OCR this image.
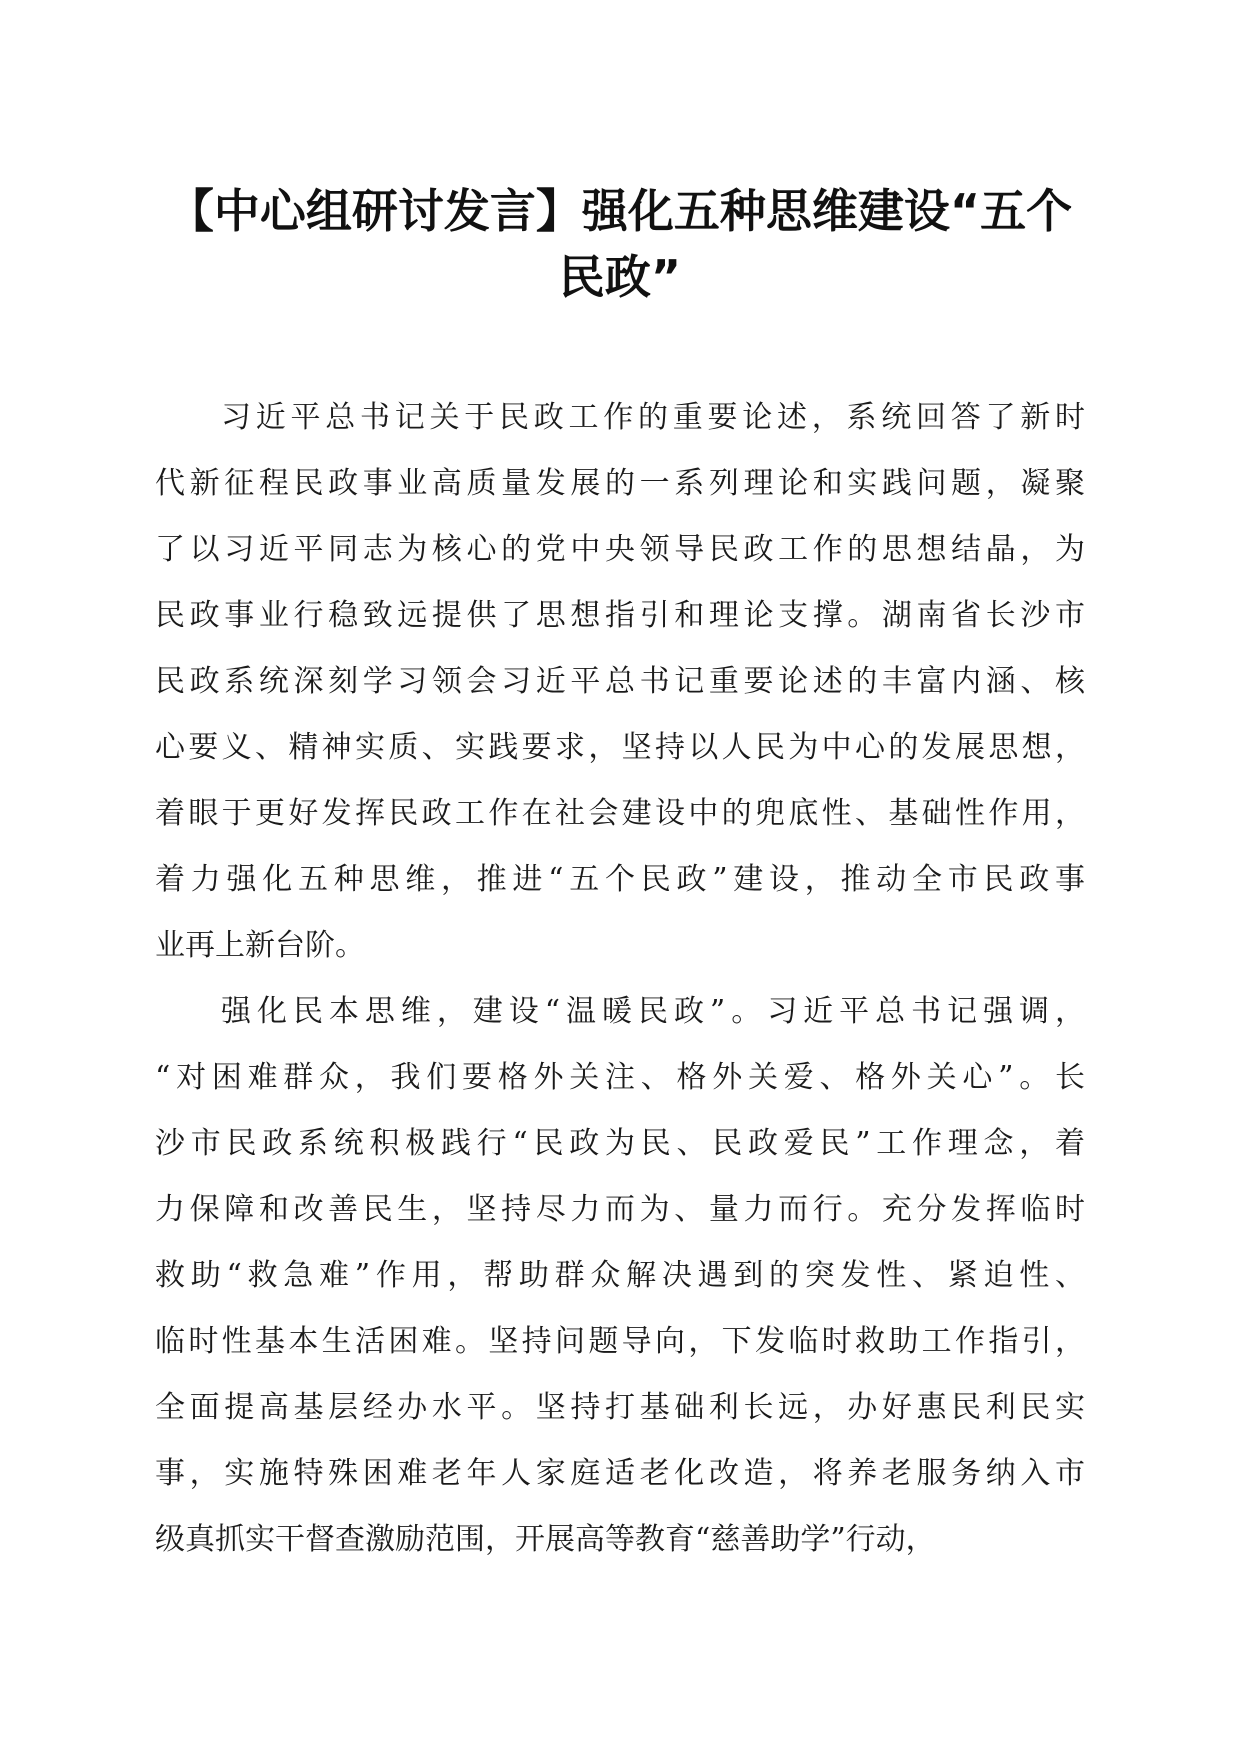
【中心组研讨发言】强化五种思维建设“五个
民政”
习近平总书记关于民政工作的重要论述，系统回答了新时
代新征程民政事业高质量发展的一系列理论和实践问题，凝聚
了以习近平同志为核心的党中央领导民政工作的思想结晶，为
民政事业行稳致远提供了思想指引和理论支撑。湖南省长沙市
民政系统深刻学习领会习近平总书记重要论述的丰富内涵、核
心要义、精神实质、实践要求，坚持以人民为中心的发展思想，
着眼于更好发挥民政工作在社会建设中的兜底性、基础性作用，
着力强化五种思维，推进“五个民政”建设，推动全市民政事
业再上新台阶。
强化民本思维，建设“温暖民政”。习近平总书记强调，
“对困难群众，我们要格外关注、格外关爱、格外关心”。长
沙市民政系统积极践行“民政为民、民政爱民”工作理念，着
力保障和改善民生，坚持尽力而为、量力而行。充分发挥临时
救助“救急难”作用，帮助群众解决遇到的突发性、紧迫性、
临时性基本生活困难。坚持问题导向，下发临时救助工作指引，
全面提高基层经办水平。坚持打基础利长远，办好惠民利民实
事，实施特殊困难老年人家庭适老化改造，将养老服务纳入市
级真抓实干督查激励范围，开展高等教育“慈善助学”行动，
